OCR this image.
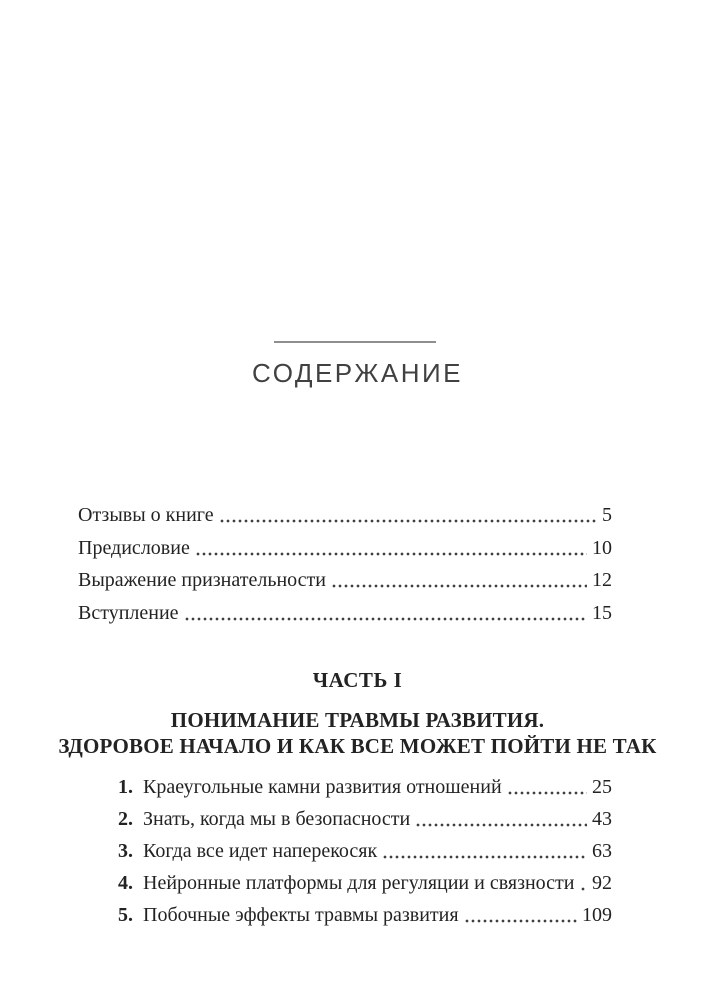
СОДЕРЖАНИЕ
Отзывы о книге	5
Предисловие	10
Выражение признательности	12
Вступление	15
ЧАСТЬ I
ПОНИМАНИЕ ТРАВМЫ РАЗВИТИЯ.
ЗДОРОВОЕ НАЧАЛО И КАК ВСЕ МОЖЕТ ПОЙТИ НЕ ТАК
1. Краеугольные камни развития отношений	25
2. Знать, когда мы в безопасности	43
3. Когда все идет наперекосяк	63
4. Нейронные платформы для регуляции и связности 92
5. Побочные эффекты травмы развития	109
